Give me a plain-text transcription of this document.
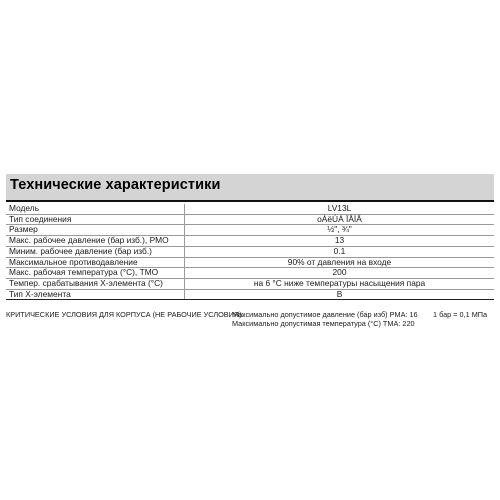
Технические характеристики
Модель	LV13L
Тип соединения	оÀëÚÀ ÏÅÌÂ
Размер	½", ¾"
Макс. рабочее давление (бар изб.), PMO	13
Миним. рабочее давление (бар изб.)	0.1
Максимальное противодавление	90% от давления на входе
Макс. рабочая температура (°C), TMO	200
Темпер. срабатывания X-элемента (°C)	на 6 °C ниже температуры насыщения пара
Тип X-элемента	B
КРИТИЧЕСКИЕ УСЛОВИЯ ДЛЯ КОРПУСА (НЕ РАБОЧИЕ УСЛОВИЯ):
Максимально допустимое давление (бар изб) PMA: 16
Максимально допустимая температура (°C) TMA: 220
1 бар = 0,1 МПа
